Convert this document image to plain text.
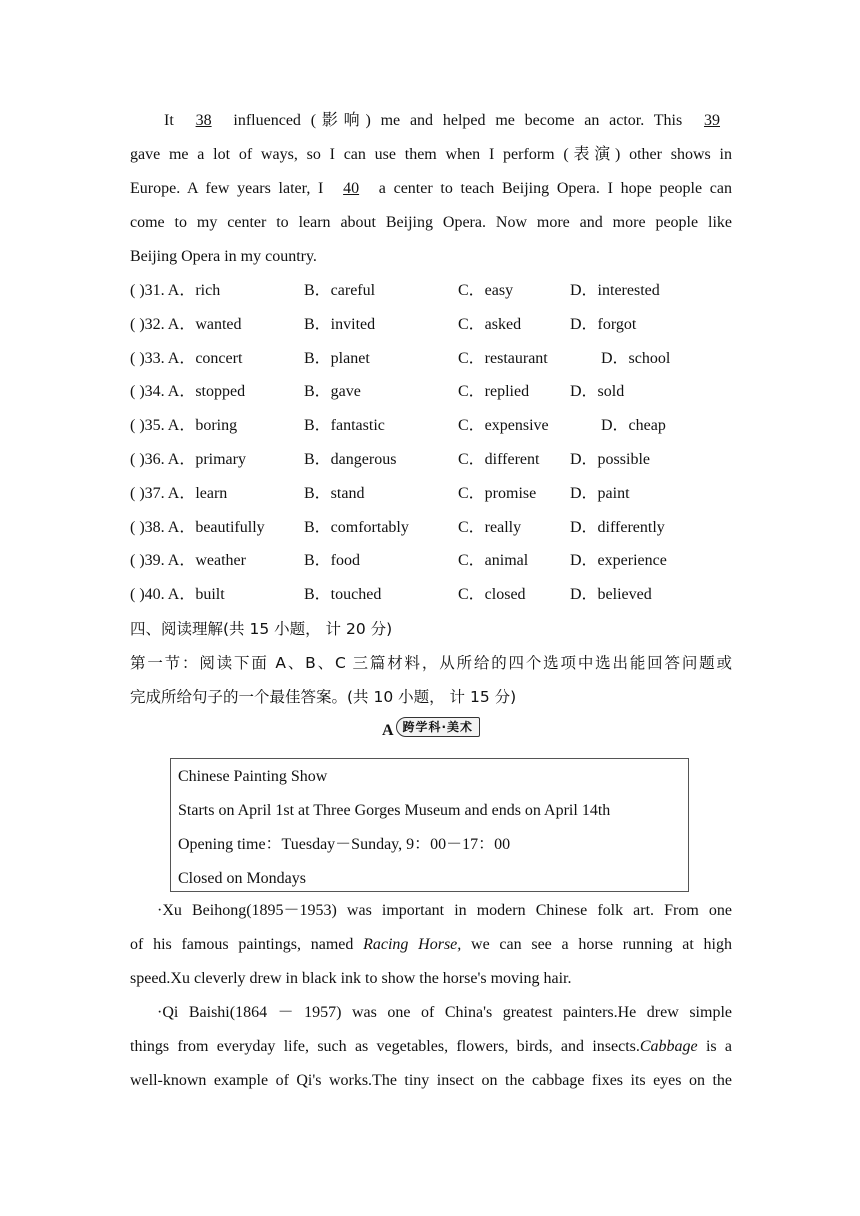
It 38 influenced (影响) me and helped me become an actor. This 39
gave me a lot of ways, so I can use them when I perform (表演) other shows in
Europe. A few years later, I 40 a center to teach Beijing Opera. I hope people can
come to my center to learn about Beijing Opera. Now more and more people like
Beijing Opera in my country.
( )31. A．rich	B．careful	C．easy	D．interested
( )32. A．wanted	B．invited	C．asked	D．forgot
( )33. A．concert	B．planet	C．restaurant	D．school
( )34. A．stopped	B．gave	C．replied	D．sold
( )35. A．boring	B．fantastic	C．expensive	D．cheap
( )36. A．primary	B．dangerous	C．different D．possible
( )37. A．learn	B．stand	C．promise D．paint
( )38. A．beautifully B．comfortably	C．really	D．differently
( )39. A．weather	B．food	C．animal	D．experience
( )40. A．built	B．touched	C．closed	D．believed
四、阅读理解(共 15 小题， 计 20 分)
第一节：阅读下面 A、B、C 三篇材料，从所给的四个选项中选出能回答问题或
完成所给句子的一个最佳答案。(共 10 小题， 计 15 分)
A 跨学科·美术
Chinese Painting Show
Starts on April 1st at Three Gorges Museum and ends on April 14th
Opening time：Tuesday－Sunday, 9：00－17：00
Closed on Mondays
·Xu Beihong(1895－1953) was important in modern Chinese folk art. From one
of his famous paintings, named Racing Horse, we can see a horse running at high
speed.Xu cleverly drew in black ink to show the horse's moving hair.
·Qi Baishi(1864 － 1957) was one of China's greatest painters.He drew simple
things from everyday life, such as vegetables, flowers, birds, and insects.Cabbage is a
well-known example of Qi's works.The tiny insect on the cabbage fixes its eyes on the
